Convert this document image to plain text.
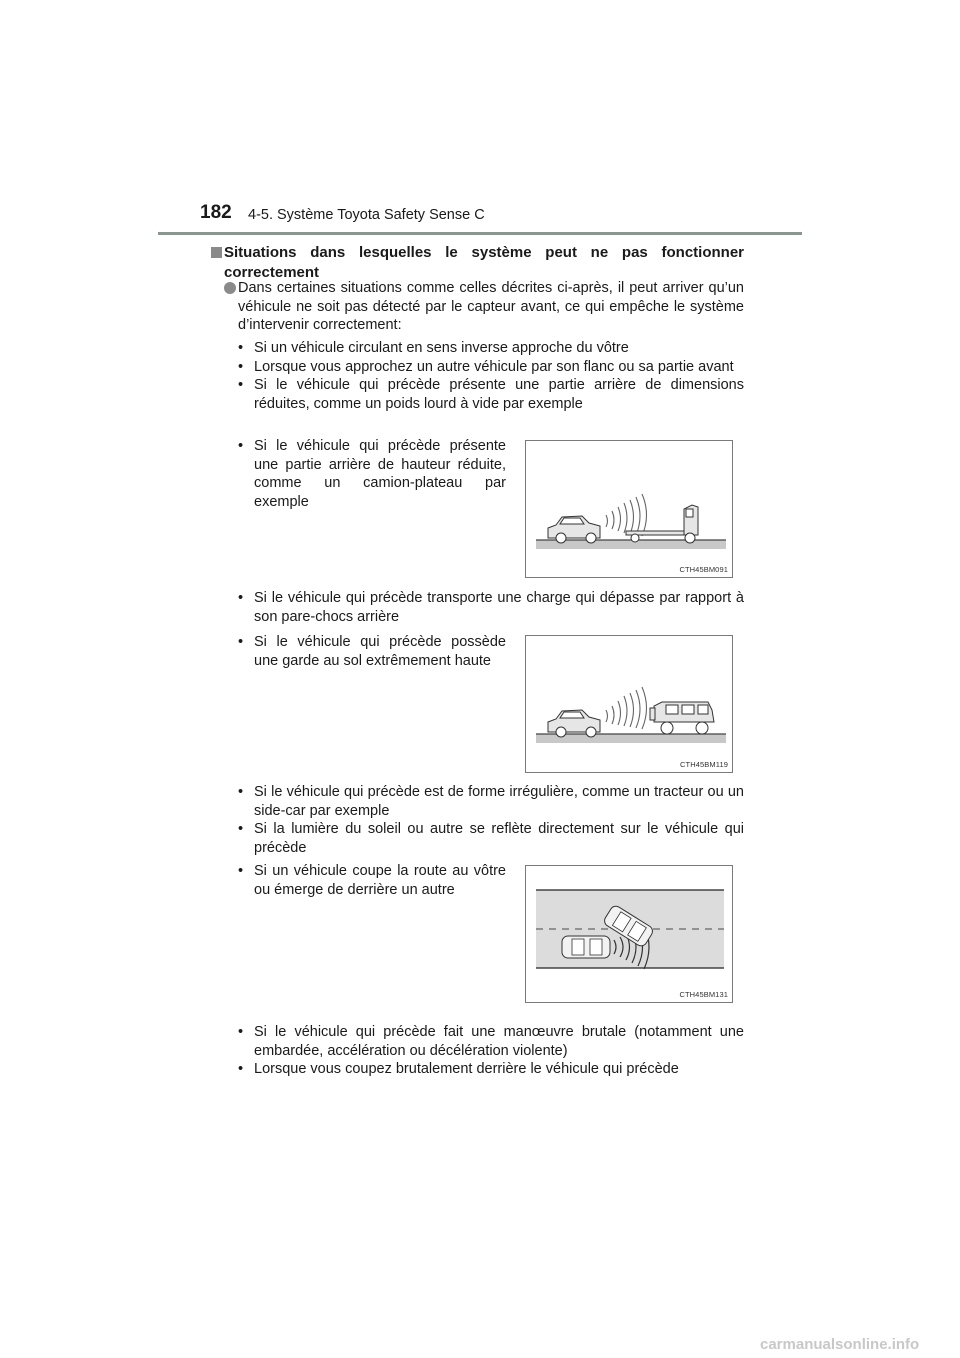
182 4-5. Système Toyota Safety Sense C
Situations dans lesquelles le système peut ne pas fonctionner correctement
Dans certaines situations comme celles décrites ci-après, il peut arriver qu’un véhicule ne soit pas détecté par le capteur avant, ce qui empêche le système d’intervenir correctement:
• Si un véhicule circulant en sens inverse approche du vôtre
• Lorsque vous approchez un autre véhicule par son flanc ou sa partie avant
• Si le véhicule qui précède présente une partie arrière de dimensions réduites, comme un poids lourd à vide par exemple
• Si le véhicule qui précède présente une partie arrière de hauteur réduite, comme un camion-plateau par exemple
CTH45BM091
• Si le véhicule qui précède transporte une charge qui dépasse par rapport à son pare-chocs arrière
• Si le véhicule qui précède possède une garde au sol extrêmement haute
CTH45BM119
• Si le véhicule qui précède est de forme irrégulière, comme un tracteur ou un side-car par exemple
• Si la lumière du soleil ou autre se reflète directement sur le véhicule qui précède
• Si un véhicule coupe la route au vôtre ou émerge de derrière un autre
CTH45BM131
• Si le véhicule qui précède fait une manœuvre brutale (notamment une embardée, accélération ou décélération violente)
• Lorsque vous coupez brutalement derrière le véhicule qui précède
carmanualsonline.info
